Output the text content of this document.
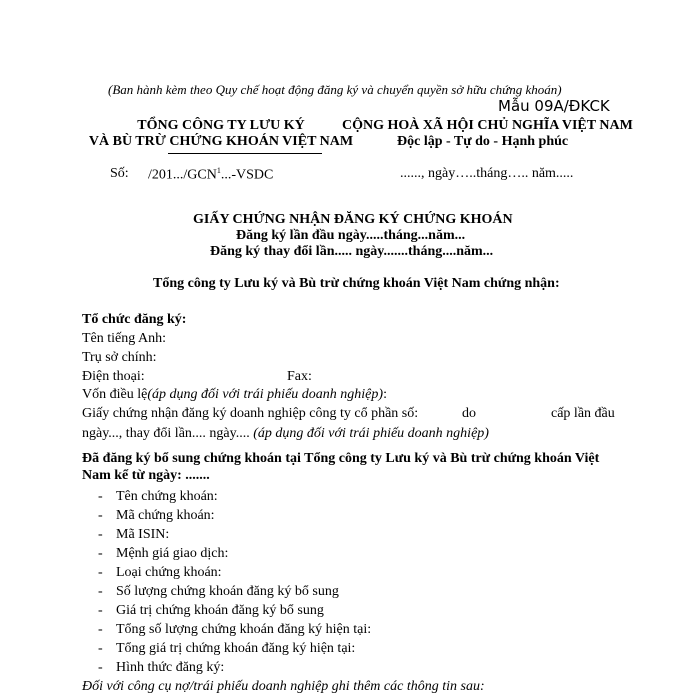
(Ban hành kèm theo Quy chế hoạt động đăng ký và chuyển quyền sở hữu chứng khoán)
Mẫu 09A/ĐKCK
TỔNG CÔNG TY LƯU KÝ
VÀ BÙ TRỪ CHỨNG KHOÁN VIỆT NAM
CỘNG HOÀ XÃ HỘI CHỦ NGHĨA VIỆT NAM
Độc lập - Tự do - Hạnh phúc
Số: /201.../GCN$^1$...-VSDC	......, ngày…..tháng….. năm.....
GIẤY CHỨNG NHẬN ĐĂNG KÝ CHỨNG KHOÁN
Đăng ký lần đầu ngày.....tháng...năm...
Đăng ký thay đổi lần..... ngày.......tháng....năm...
Tổng công ty Lưu ký và Bù trừ chứng khoán Việt Nam chứng nhận:
Tổ chức đăng ký:
Tên tiếng Anh:
Trụ sở chính:
Điện thoại:	Fax:
Vốn điều lệ(áp dụng đối với trái phiếu doanh nghiệp):
Giấy chứng nhận đăng ký doanh nghiệp công ty cổ phần số:	do	cấp lần đầu
ngày..., thay đổi lần.... ngày.... (áp dụng đối với trái phiếu doanh nghiệp)
Đã đăng ký bổ sung chứng khoán tại Tổng công ty Lưu ký và Bù trừ chứng khoán Việt
Nam kể từ ngày: .......
- Tên chứng khoán:
- Mã chứng khoán:
- Mã ISIN:
- Mệnh giá giao dịch:
- Loại chứng khoán:
- Số lượng chứng khoán đăng ký bổ sung
- Giá trị chứng khoán đăng ký bổ sung
- Tổng số lượng chứng khoán đăng ký hiện tại:
- Tổng giá trị chứng khoán đăng ký hiện tại:
- Hình thức đăng ký:
Đối với công cụ nợ/trái phiếu doanh nghiệp ghi thêm các thông tin sau:
